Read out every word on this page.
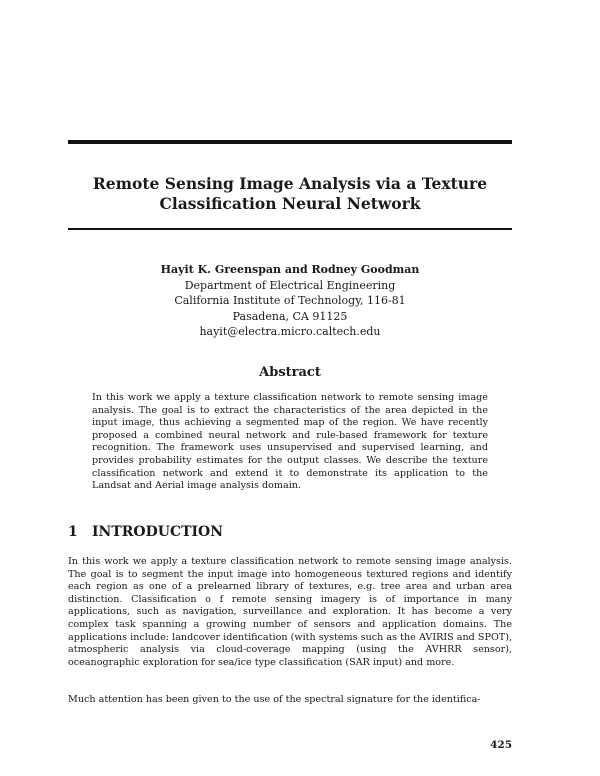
Remote Sensing Image Analysis via a Texture
Classification Neural Network
Hayit K. Greenspan and Rodney Goodman
Department of Electrical Engineering
California Institute of Technology, 116-81
Pasadena, CA 91125
hayit@electra.micro.caltech.edu
Abstract
In this work we apply a texture classification network to remote sensing image analysis. The goal is to extract the characteristics of the area depicted in the input image, thus achieving a segmented map of the region. We have recently proposed a combined neural network and rule-based framework for texture recognition. The framework uses unsupervised and supervised learning, and provides probability estimates for the output classes. We describe the texture classification network and extend it to demonstrate its application to the Landsat and Aerial image analysis domain.
1 INTRODUCTION
In this work we apply a texture classification network to remote sensing image analysis. The goal is to segment the input image into homogeneous textured regions and identify each region as one of a prelearned library of textures, e.g. tree area and urban area distinction. Classification o f remote sensing imagery is of importance in many applications, such as navigation, surveillance and exploration. It has become a very complex task spanning a growing number of sensors and application domains. The applications include: landcover identification (with systems such as the AVIRIS and SPOT), atmospheric analysis via cloud-coverage mapping (using the AVHRR sensor), oceanographic exploration for sea/ice type classification (SAR input) and more.
Much attention has been given to the use of the spectral signature for the identifica-
425
